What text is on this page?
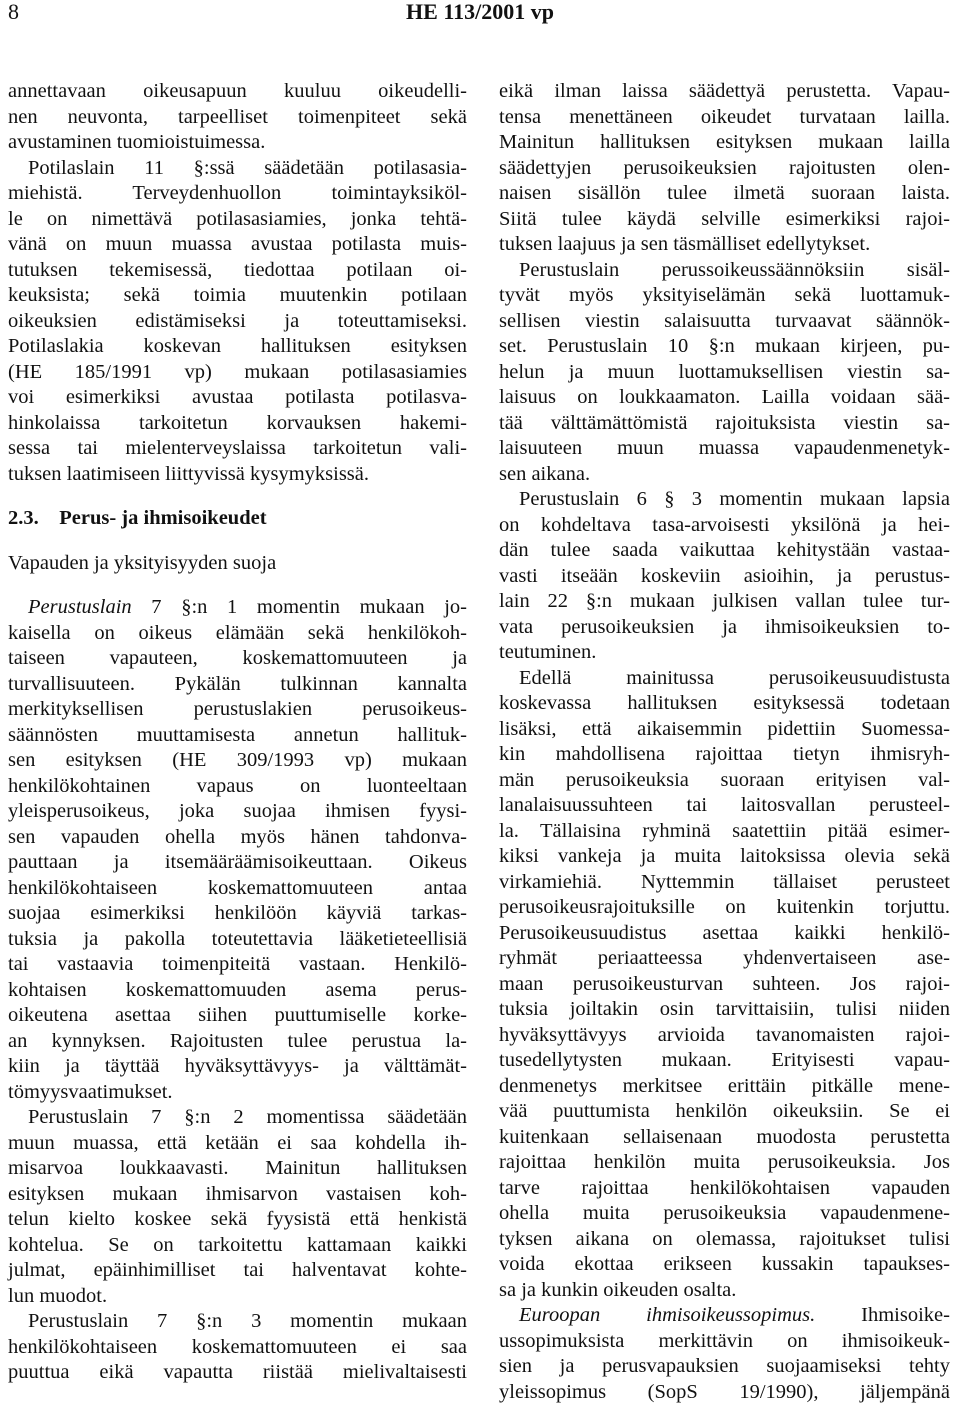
8	HE 113/2001 vp
annettavaan oikeusapuun kuuluu oikeudelli-
nen neuvonta, tarpeelliset toimenpiteet sekä
avustaminen tuomioistuimessa.
Potilaslain 11 §:ssä säädetään potilasasia-
miehistä. Terveydenhuollon toimintayksiköl-
le on nimettävä potilasasiamies, jonka tehtä-
vänä on muun muassa avustaa potilasta muis-
tutuksen tekemisessä, tiedottaa potilaan oi-
keuksista; sekä toimia muutenkin potilaan
oikeuksien edistämiseksi ja toteuttamiseksi.
Potilaslakia koskevan hallituksen esityksen
(HE 185/1991 vp) mukaan potilasasiamies
voi esimerkiksi avustaa potilasta potilasva-
hinkolaissa tarkoitetun korvauksen hakemi-
sessa tai mielenterveyslaissa tarkoitetun vali-
tuksen laatimiseen liittyvissä kysymyksissä.
2.3.    Perus- ja ihmisoikeudet
Vapauden ja yksityisyyden suoja
Perustuslain 7 §:n 1 momentin mukaan jo-
kaisella on oikeus elämään sekä henkilökoh-
taiseen vapauteen, koskemattomuuteen ja
turvallisuuteen. Pykälän tulkinnan kannalta
merkityksellisen perustuslakien perusoikeus-
säännösten muuttamisesta annetun hallituk-
sen esityksen (HE 309/1993 vp) mukaan
henkilökohtainen vapaus on luonteeltaan
yleisperusoikeus, joka suojaa ihmisen fyysi-
sen vapauden ohella myös hänen tahdonva-
pauttaan ja itsemääräämisoikeuttaan. Oikeus
henkilökohtaiseen koskemattomuuteen antaa
suojaa esimerkiksi henkilöön käyviä tarkas-
tuksia ja pakolla toteutettavia lääketieteellisiä
tai vastaavia toimenpiteitä vastaan. Henkilö-
kohtaisen koskemattomuuden asema perus-
oikeutena asettaa siihen puuttumiselle korke-
an kynnyksen. Rajoitusten tulee perustua la-
kiin ja täyttää hyväksyttävyys- ja välttämät-
tömyysvaatimukset.
Perustuslain 7 §:n 2 momentissa säädetään
muun muassa, että ketään ei saa kohdella ih-
misarvoa loukkaavasti. Mainitun hallituksen
esityksen mukaan ihmisarvon vastaisen koh-
telun kielto koskee sekä fyysistä että henkistä
kohtelua. Se on tarkoitettu kattamaan kaikki
julmat, epäinhimilliset tai halventavat kohte-
lun muodot.
Perustuslain 7 §:n 3 momentin mukaan
henkilökohtaiseen koskemattomuuteen ei saa
puuttua eikä vapautta riistää mielivaltaisesti
eikä ilman laissa säädettyä perustetta. Vapau-
tensa menettäneen oikeudet turvataan lailla.
Mainitun hallituksen esityksen mukaan lailla
säädettyjen perusoikeuksien rajoitusten olen-
naisen sisällön tulee ilmetä suoraan laista.
Siitä tulee käydä selville esimerkiksi rajoi-
tuksen laajuus ja sen täsmälliset edellytykset.
Perustuslain perussoikeussäännöksiin sisäl-
tyvät myös yksityiselämän sekä luottamuk-
sellisen viestin salaisuutta turvaavat säännök-
set. Perustuslain 10 §:n mukaan kirjeen, pu-
helun ja muun luottamuksellisen viestin sa-
laisuus on loukkaamaton. Lailla voidaan sää-
tää välttämättömistä rajoituksista viestin sa-
laisuuteen muun muassa vapaudenmenetyk-
sen aikana.
Perustuslain 6 § 3 momentin mukaan lapsia
on kohdeltava tasa-arvoisesti yksilönä ja hei-
dän tulee saada vaikuttaa kehitystään vastaa-
vasti itseään koskeviin asioihin, ja perustus-
lain 22 §:n mukaan julkisen vallan tulee tur-
vata perusoikeuksien ja ihmisoikeuksien to-
teutuminen.
Edellä mainitussa perusoikeusuudistusta
koskevassa hallituksen esityksessä todetaan
lisäksi, että aikaisemmin pidettiin Suomessa-
kin mahdollisena rajoittaa tietyn ihmisryh-
män perusoikeuksia suoraan erityisen val-
lanalaisuussuhteen tai laitosvallan perusteel-
la. Tällaisina ryhminä saatettiin pitää esimer-
kiksi vankeja ja muita laitoksissa olevia sekä
virkamiehiä. Nyttemmin tällaiset perusteet
perusoikeusrajoituksille on kuitenkin torjuttu.
Perusoikeusuudistus asettaa kaikki henkilö-
ryhmät periaatteessa yhdenvertaiseen ase-
maan perusoikeusturvan suhteen. Jos rajoi-
tuksia joiltakin osin tarvittaisiin, tulisi niiden
hyväksyttävyys arvioida tavanomaisten rajoi-
tusedellytysten mukaan. Erityisesti vapau-
denmenetys merkitsee erittäin pitkälle mene-
vää puuttumista henkilön oikeuksiin. Se ei
kuitenkaan sellaisenaan muodosta perustetta
rajoittaa henkilön muita perusoikeuksia. Jos
tarve rajoittaa henkilökohtaisen vapauden
ohella muita perusoikeuksia vapaudenmene-
tyksen aikana on olemassa, rajoitukset tulisi
voida ekottaa erikseen kussakin tapaukses-
sa ja kunkin oikeuden osalta.
Euroopan ihmisoikeussopimus. Ihmisoike-
ussopimuksista merkittävin on ihmisoikeuk-
sien ja perusvapauksien suojaamiseksi tehty
yleissopimus (SopS 19/1990), jäljempänä
